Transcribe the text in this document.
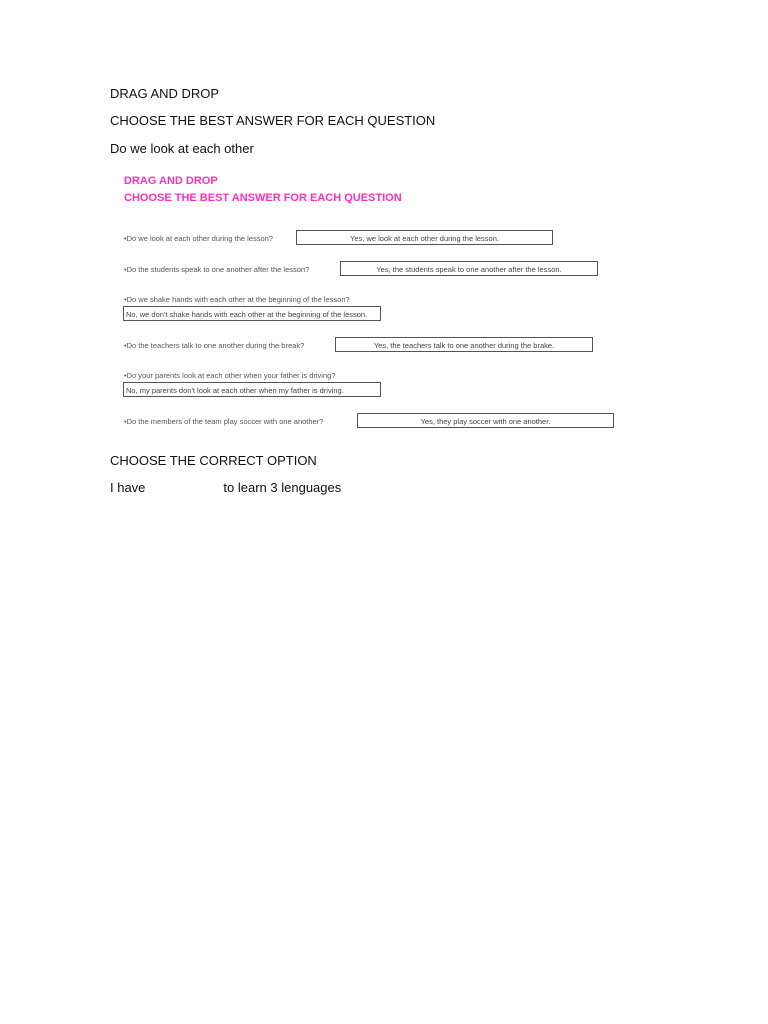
DRAG AND DROP
CHOOSE THE BEST ANSWER FOR EACH QUESTION
Do we look at each other
DRAG AND DROP
CHOOSE THE BEST ANSWER FOR EACH QUESTION
•Do we look at each other during the lesson?	Yes, we look at each other during the lesson.
•Do the students speak to one another after the lesson?	Yes, the students speak to one another after the lesson.
•Do we shake hands with each other at the beginning of the lesson?
No, we don't shake hands with each other at the beginning of the lesson.
•Do the teachers talk to one another during the break?	Yes, the teachers talk to one another during the brake.
•Do your parents look at each other when your father is driving?
No, my parents don't look at each other when my father is driving.
•Do the members of the team play soccer with one another?	Yes, they play soccer with one another.
CHOOSE THE CORRECT OPTION
I have	to learn 3 lenguages
